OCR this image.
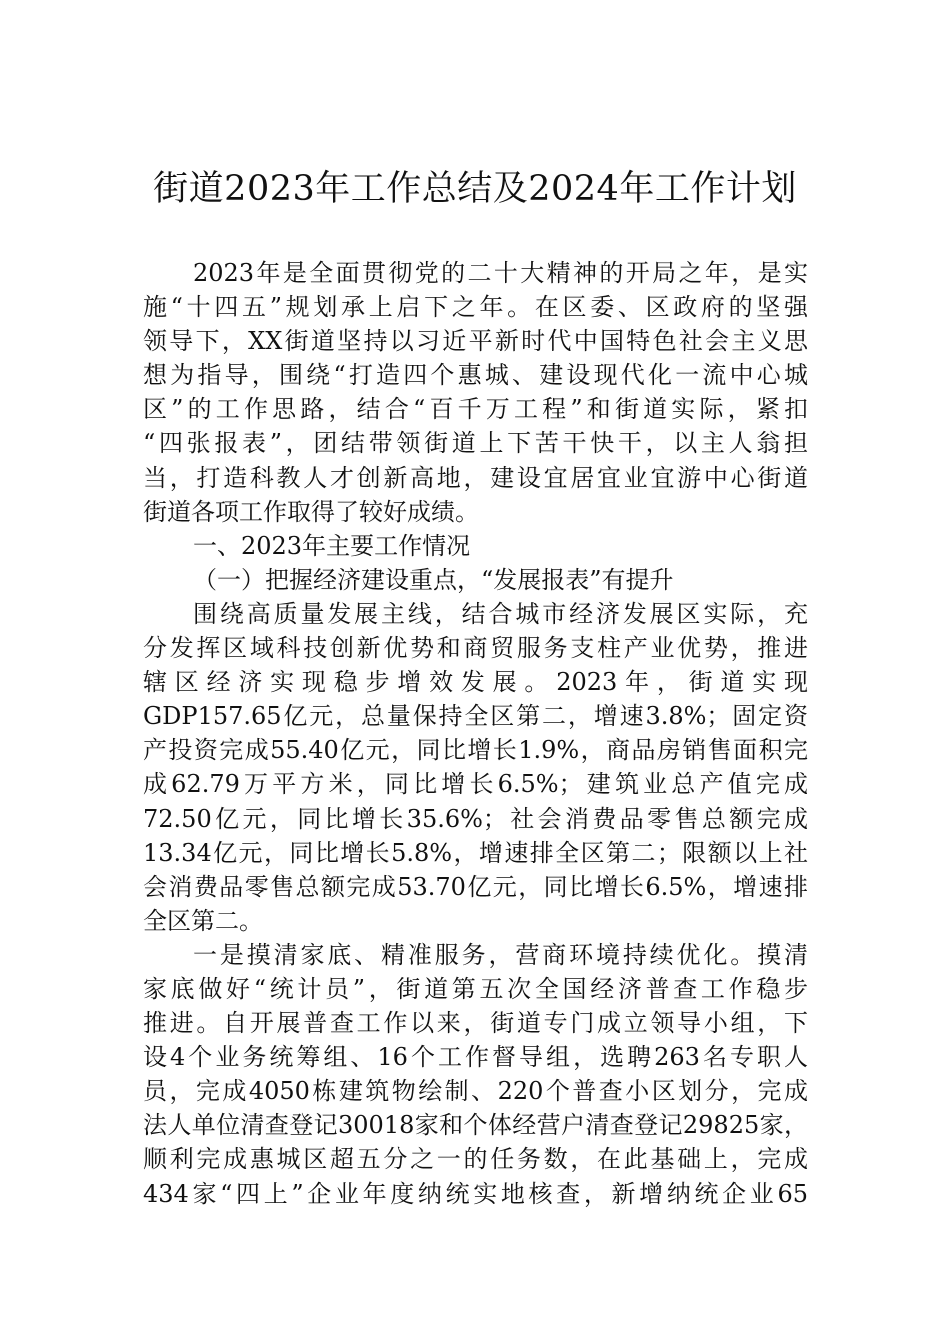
街道2023年工作总结及2024年工作计划
2023年是全面贯彻党的二十大精神的开局之年，是实
施“十四五”规划承上启下之年。在区委、区政府的坚强
领导下，XX街道坚持以习近平新时代中国特色社会主义思
想为指导，围绕“打造四个惠城、建设现代化一流中心城
区”的工作思路，结合“百千万工程”和街道实际，紧扣
“四张报表”，团结带领街道上下苦干快干，以主人翁担
当，打造科教人才创新高地，建设宜居宜业宜游中心街道
街道各项工作取得了较好成绩。
一、2023年主要工作情况
（一）把握经济建设重点，“发展报表”有提升
围绕高质量发展主线，结合城市经济发展区实际，充
分发挥区域科技创新优势和商贸服务支柱产业优势，推进
辖区经济实现稳步增效发展。2023年，街道实现
GDP157.65亿元，总量保持全区第二，增速3.8%；固定资
产投资完成55.40亿元，同比增长1.9%，商品房销售面积完
成62.79万平方米，同比增长6.5%；建筑业总产值完成
72.50亿元，同比增长35.6%；社会消费品零售总额完成
13.34亿元，同比增长5.8%，增速排全区第二；限额以上社
会消费品零售总额完成53.70亿元，同比增长6.5%，增速排
全区第二。
一是摸清家底、精准服务，营商环境持续优化。摸清
家底做好“统计员”，街道第五次全国经济普查工作稳步
推进。自开展普查工作以来，街道专门成立领导小组，下
设4个业务统筹组、16个工作督导组，选聘263名专职人
员，完成4050栋建筑物绘制、220个普查小区划分，完成
法人单位清查登记30018家和个体经营户清查登记29825家，
顺利完成惠城区超五分之一的任务数，在此基础上，完成
434家“四上”企业年度纳统实地核查，新增纳统企业65
